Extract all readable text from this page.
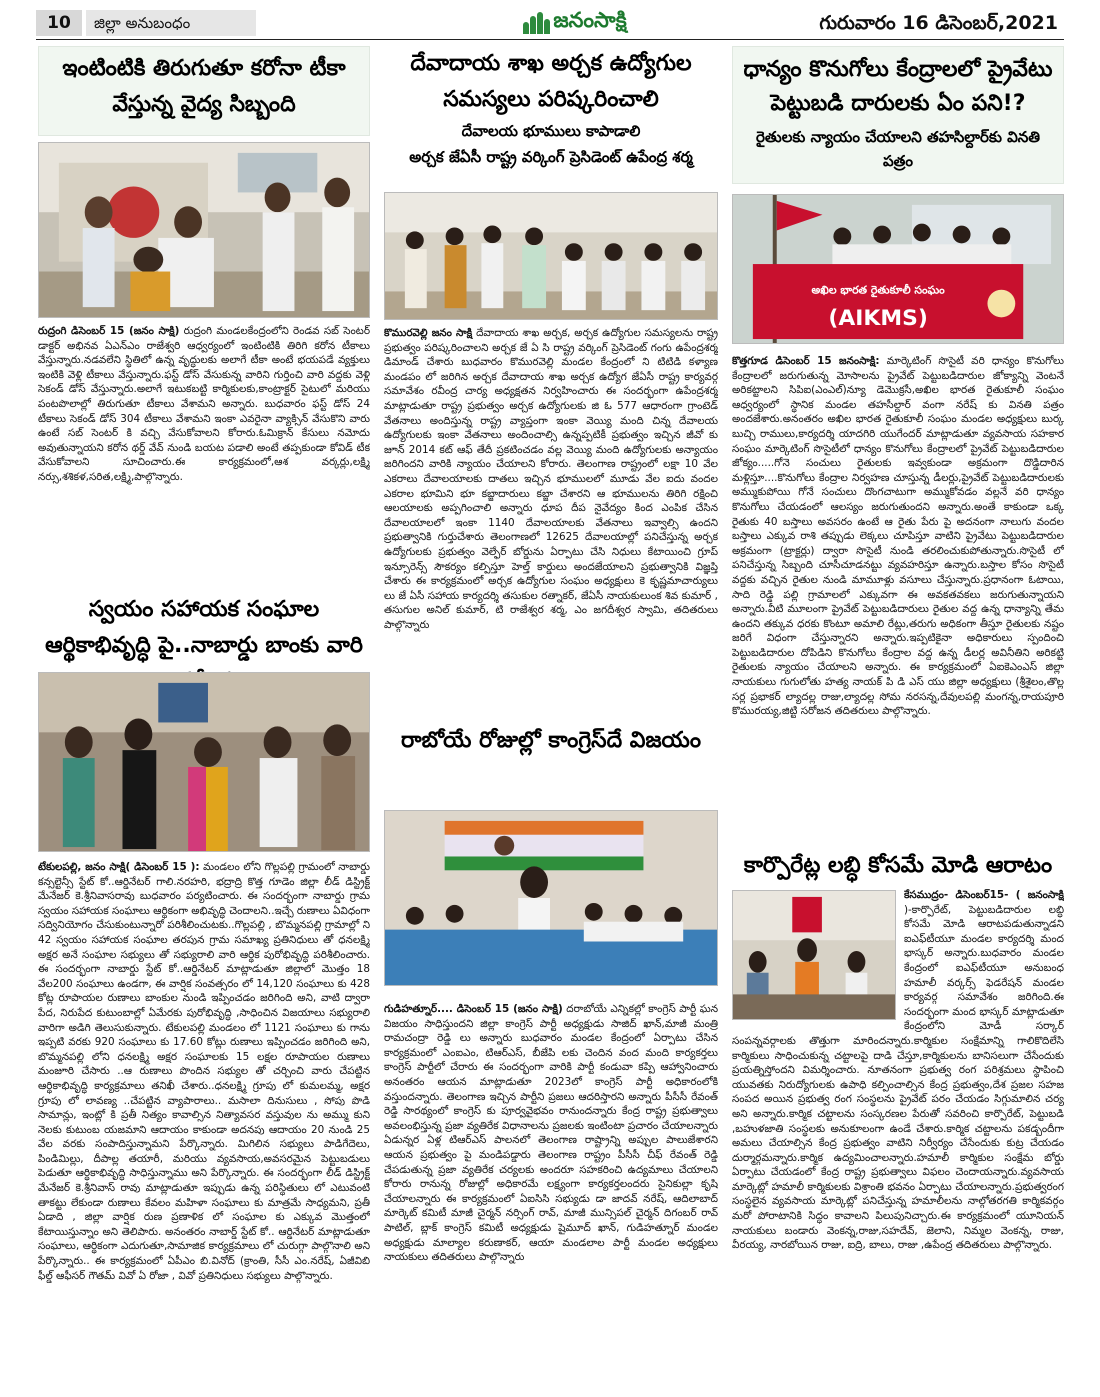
10	జిల్లా అనుబంధం	జనంసాక్షి	గురువారం 16 డిసెంబర్,2021
ఇంటింటికి తిరుగుతూ కరోనా టీకా వేస్తున్న వైద్య సిబ్బంది
రుద్రంగి డిసెంబర్ 15 (జనం సాక్షి) రుద్రంగి మండలకేంద్రంలోని రెండవ సబ్ సెంటర్ డాక్టర్ అభినవ ఏఎన్ఎం రాజేశ్వరి ఆధ్వర్యంలో ఇంటింటికి తిరిగి కరోన టీకాలు వేస్తున్నారు.నడవలేని స్థితిలో ఉన్న వృద్ధులకు అలాగే టీకా అంటే భయపడే వ్యక్తులు ఇంటికి వెళ్లి టీకాలు వేస్తున్నారు.ఫస్ట్ డోస్ వేసుకున్న వారిని గుర్తించి వారి వద్దకు వెళ్లి సెకండ్ డోస్ వేస్తున్నారు.అలాగే ఇటుకబట్టి కార్మికులకు,కాంట్రాక్టర్ సైటులో మరియు పంటపొలాల్లో తిరుగుతూ టీకాలు వేశామని అన్నారు. బుధవారం ఫస్ట్ డోస్ 24 టీకాలు సెకండ్ డోస్ 304 టీకాలు వేశామని ఇంకా ఎవరైనా వ్యాక్సిన్ వేసుకొని వారు ఉంటే సబ్ సెంటర్ కి వచ్చి వేసుకోవాలని కోరారు.ఓమిక్రాన్ కేసులు నమోదు అవుతున్నాయని కరోన థర్డ్ వేవ్ నుండి బయట పడాలి అంటే తప్పకుండా కోవిడ్ టీక వేసుకోవాలని సూచించారు.ఈ కార్యక్రమంలో,ఆశ వర్కర్లు,లక్ష్మి నర్సు,శశికళ,సరిత,లక్ష్మి,పాల్గొన్నారు.
స్వయం సహాయక సంఘాల ఆర్థికాభివృద్ధి పై..నాబార్డు బాంకు వారి
టేకులపల్లి, జనం సాక్షి( డిసెంబర్ 15 ): మండలం లోని గొల్లపల్లి గ్రామంలో నాబార్డు కన్సల్టెన్సీ స్టేట్ కో..ఆర్డినేటర్ గాలి.నరహరి, భద్రాద్రి కొత్త గూడెం జిల్లా లీడ్ డిస్ట్రిక్ట్ మేనేజర్ కె.శ్రీనివాసరావు బుధవారం పర్యటించారు. ఈ సందర్భంగా నాబార్డు గ్రామ స్వయం సహాయక సంఘాలు ఆర్థికంగా అభివృద్ధి చెందాలని..ఇచ్చే రుణాలు ఏవిధంగా సద్వినియోగం చేసుకుంటున్నారో పరిశీలించుటకు..గొల్లపల్లి , బొమ్మనపల్లి గ్రామాల్లో ని 42 స్వయం సహాయక సంఘాల తరపున గ్రామ సమాఖ్య ప్రతినిధులు తో ధనలక్ష్మి అక్షర అనే సంఘాల సభ్యులు తో సభ్యురాలి వారి ఆర్థిక పురోభివృద్ధి పరిశీలించారు. ఈ సందర్భంగా నాబార్డు స్టేట్ కో..ఆర్డినేటర్ మాట్లాడుతూ జిల్లాలో మొత్తం 18 వేల200 సంఘాలు ఉండగా, ఈ వార్షిక సంవత్సరం లో 14,120 సంఘాలు కు 428 కోట్ల రూపాయల రుణాలు బాంకుల నుండి ఇప్పించడం జరిగింది అని, వాటి ద్వారా పేద, నిరుపేద కుటుంబాల్లో ఏమేరకు పురోభివృద్ధి ,సాధించిన విజయాలు సభ్యురాలి వారిగా అడిగి తెలుసుకున్నారు. టేకులపల్లి మండలం లో 1121 సంఘాలు కు గాను ఇప్పటి వరకు 920 సంఘాలు కు 17.60 కోట్లు రుణాలు ఇప్పించడం జరిగింది అని, బొమ్మనపల్లి లోని ధనలక్ష్మి అక్షర సంఘాలకు 15 లక్షల రూపాయల రుణాలు మంజూరి చేసారు ..ఆ రుణాలు పొందిన సభ్యుల తో చర్చించి వారు చేపట్టిన ఆర్థికాభివృద్ధి కార్యక్రమాలు తనిఖీ చేశారు..ధనలక్ష్మి గ్రూపు లో కుమలమ్మ, అక్షర గ్రూపు లో లావణ్య ..చేపట్టిన వ్యాపారాలు.. మసాలా దినుసులు , సోపు పొడి సామాన్లు, ఇంట్లో కి ప్రతీ నిత్యం కావాల్సిన నిత్యావసర వస్తువుల ను అమ్ము కుని నెలకు కుటుంబ యజమాని ఆదాయం కాకుండా అదనపు ఆదాయం 20 నుండి 25 వేల వరకు సంపాదిస్తున్నామని పేర్కొన్నారు. మిగిలిన సభ్యులు పాడిగేదెలు, పిండిమిల్లు, దీపాల్ల తయారీ, మరియు వ్యవసాయ,అవసరమైన పెట్టుబడులు పెడుతూ ఆర్థికాభివృద్ధి సాధిస్తున్నాము అని పేర్కొన్నారు. ఈ సందర్భంగా లీడ్ డిస్ట్రిక్ట్ మేనేజర్ కె.శ్రీనివాస్ రావు మాట్లాడుతూ ఇప్పుడు ఉన్న పరిస్థితులు లో ఎటువంటి తాకట్టు లేకుండా రుణాలు కేవలం మహిళా సంఘాలు కు మాత్రమే సాధ్యమని, ప్రతీ ఏడాది , జిల్లా వార్షిక రుణ ప్రణాళిక లో సంఘాల కు ఎక్కువ మొత్తంలో కేటాయిస్తున్నాం అని తెలిపారు. అనంతరం నాబార్డ్ స్టేట్ కో.. ఆర్డినేటర్ మాట్లాడుతూ సంఘాలు, ఆర్థికంగా ఎదుగుతూ,సామాజిక కార్యక్రమాలు లో చురుగ్గా పాల్గొనాలి అని పేర్కొన్నారు.. ఈ కార్యక్రమంలో ఏపీఎం బి.వినోద్ (క్రాంతి, సీసీ ఎం.నరేష్, ఏజీవిబి ఫీల్డ్ ఆఫీసర్ గౌతమ్ వివో ఏ రోజా , వివో ప్రతినిధులు సభ్యులు పాల్గొన్నారు.
దేవాదాయ శాఖ అర్చక ఉద్యోగుల సమస్యలు పరిష్కరించాలి
దేవాలయ భూములు కాపాడాలి
అర్చక జేఏసీ రాష్ట్ర వర్కింగ్ ప్రెసిడెంట్ ఉపేంద్ర శర్మ
కొమురవెల్లి జనం సాక్షి దేవాదాయ శాఖ అర్చక, అర్చక ఉద్యోగుల సమస్యలను రాష్ట్ర ప్రభుత్వం పరిష్కరించాలని అర్చక జే ఏ సి రాష్ట్ర వర్కింగ్ ప్రెసిడెంట్ గంగు ఉపేంద్రశర్మ డిమాండ్ చేశారు బుధవారం కొమురవెల్లి మండల కేంద్రంలో ని టిటిడి కళ్యాణ మండపం లో జరిగిన అర్చక దేవాదాయ శాఖ అర్చక ఉద్యోగ జేఏసీ రాష్ట్ర కార్యవర్గ సమావేశం రవీంద్ర చార్య అధ్యక్షతన నిర్వహించారు ఈ సందర్భంగా ఉపేంద్రశర్మ మాట్లాడుతూ రాష్ట్ర ప్రభుత్వం అర్చక ఉద్యోగులకు జి ఓ 577 ఆధారంగా గ్రాంటెడ్ వేతనాలు అందిస్తున్న రాష్ట్ర వ్యాప్తంగా ఇంకా వెయ్యి మంది చిన్న దేవాలయ ఉద్యోగులకు ఇంకా వేతనాలు అందించాల్సి ఉన్నప్పటికీ ప్రభుత్వం ఇచ్చిన జీవో కు జూన్ 2014 కట్ ఆఫ్ తేదీ ప్రకటించడం వల్ల వెయ్యి మంది ఉద్యోగులకు అన్యాయం జరిగిందని వారికి న్యాయం చేయాలని కోరారు. తెలంగాణ రాష్ట్రంలో లక్షా 10 వేల ఎకరాలు దేవాలయాలకు దాతలు ఇచ్చిన భూములలో మూడు వేల ఐదు వందల ఎకరాల భూమిని భూ కబ్జాదారులు కబ్జా చేశారని ఆ భూములను తిరిగి రక్షించి ఆలయాలకు అప్పగించాలి అన్నారు ధూప దీప నైవేద్యం కింద ఎంపిక చేసిన దేవాలయాలలో ఇంకా 1140 దేవాలయాలకు వేతనాలు ఇవ్వాల్సి ఉందని ప్రభుత్వానికి గుర్తుచేశారు తెలంగాణలో 12625 దేవాలయాల్లో పనిచేస్తున్న అర్చక ఉద్యోగులకు ప్రభుత్వం వెల్ఫేర్ బోర్డును ఏర్పాటు చేసి నిధులు కేటాయించి గ్రూప్ ఇన్సూరెన్స్ సౌకర్యం కల్పిస్తూ హెల్త్ కార్డులు అందజేయాలని ప్రభుత్వానికి విజ్ఞప్తి చేశారు ఈ కార్యక్రమంలో అర్చక ఉద్యోగుల సంఘం అధ్యక్షులు కె కృష్ణమాచార్యులు లు జే ఏసీ సహాయ కార్యదర్శి తసుకుల రత్నాకర్, జేఏసీ నాయకులుంక శివ కుమార్ , తసుగుల అనిల్ కుమార్, టి రాజేశ్వర శర్మ, ఎం జగదీశ్వర స్వామి, తదితరులు పాల్గొన్నారు
రాబోయే రోజుల్లో కాంగ్రెస్‌దే విజయం
గుడిహత్నూర్.... డిసెంబర్ 15 (జనం సాక్షి) దరాబోయే ఎన్నికల్లో కాంగ్రెస్ పార్టీ ఘన విజయం సాధిస్తుందని జిల్లా కాంగ్రెస్ పార్టీ అధ్యక్షుడు సాజిద్ ఖాన్,మాజీ మంత్రి రామచంద్రా రెడ్డి లు అన్నారు బుధవారం మండల కేంద్రంలో ఏర్పాటు చేసిన కార్యక్రమంలో ఎంఐఎం, టిఆర్ఎస్, బీజేపి లకు చెందిన వంద మంది కార్యకర్తలు కాంగ్రెస్ పార్టీలో చేరారు ఈ సందర్భంగా వారికి పార్టీ కండువా కప్పి ఆహ్వానించారు అనంతరం ఆయన మాట్లాడుతూ 2023లో కాంగ్రెస్ పార్టీ అధికారంలోకి వస్తుందన్నారు. తెలంగాణ ఇచ్చిన పార్టీని ప్రజలు ఆదరిస్తారని అన్నారు పీసీసీ రేవంత్ రెడ్డి సారథ్యంలో కాంగ్రెస్ కు పూర్వవైభవం రానుందన్నారు కేంద్ర రాష్ట్ర ప్రభుత్వాలు అవలంభిస్తున్న ప్రజా వ్యతిరేక విధానాలను ప్రజలకు ఇంటింటా ప్రచారం చేయాలన్నారు ఏడున్నర ఏళ్ల టిఆర్ఎస్ పాలనలో తెలంగాణ రాష్ట్రాన్ని అప్పుల పాలుజేశారని ఆయన ప్రభుత్వం పై మండిపడ్డారు తెలంగాణ రాష్ట్రం పీసీసీ చీఫ్ రేవంత్ రెడ్డి చేపడుతున్న ప్రజా వ్యతిరేక చర్యలకు అందరూ సహకరించి ఉద్యమాలు చేయాలని కోరారు రానున్న రోజుల్లో అధికారమే లక్ష్యంగా కార్యకర్తలందరు సైనికుల్లా కృషి చేయాలన్నారు ఈ కార్యక్రమంలో ఏఐసిసి సభ్యుడు డా జాదవ్ నరేష్, ఆదిలాబాద్ మార్కెట్ కమిటీ మాజీ చైర్మన్ నర్సింగ్ రావ్, మాజీ మున్సిపల్ చైర్మన్ దిగంబర్ రావ్ పాటిల్, బ్లాక్ కాంగ్రెస్ కమిటీ అధ్యక్షుడు షైమూద్ ఖాన్, గుడిహత్నూర్ మండల అధ్యక్షుడు మాల్యాల కరుణాకర్, ఆయా మండలాల పార్టీ మండల అధ్యక్షులు నాయకులు తదితరులు పాల్గొన్నారు
ధాన్యం కొనుగోలు కేంద్రాలలో ప్రైవేటు పెట్టుబడి దారులకు ఏం పని!?
రైతులకు న్యాయం చేయాలని తహసిల్దార్‌కు వినతి పత్రం
అఖిల భారత రైతుకూలీ సంఘం
(AIKMS)
కొత్తగూడ డిసెంబర్ 15 జనంసాక్షి: మార్కెటింగ్ సొసైటీ వరి ధాన్యం కొనుగోలు కేంద్రాలలో జరుగుతున్న మోసాలను ప్రైవేట్ పెట్టుబడిదారుల జోక్యాన్ని వెంటనే అరికట్టాలని సిపిఐ(ఎంఎల్)న్యూ డెమొక్రసీ,అఖిల భారత రైతుకూలీ సంఘం ఆధ్వర్యంలో స్థానిక మండల తహసీల్దార్ వంగా నరేష్ కు వినతి పత్రం అందజేశారు.అనంతరం అఖిల భారత రైతుకూలీ సంఘం మండల అధ్యక్షులు బుర్క బుచ్చి రాములు,కార్యదర్శి యాదగిరి యుగేందర్ మాట్లాడుతూ వ్యవసాయ సహకార సంఘం మార్కెటింగ్ సొసైటీలో ధాన్యం కొనుగోలు కేంద్రాలలో ప్రైవేట్ పెట్టుబడిదారుల జోక్యం.....గోనె సంచులు రైతులకు ఇవ్వకుండా అక్రమంగా దొడ్డిదారిన మళ్లిస్తూ....కొనుగోలు కేంద్రాల నిర్వహణ చూస్తున్న డీలర్లు,ప్రైవేట్ పెట్టుబడిదారులకు అమ్ముకుపోయి గోనే సంచులు దొంగచాటుగా అమ్ముకోవడం వల్లనే వరి ధాన్యం కొనుగోలు చేయడంలో ఆలస్యం జరుగుతుందని అన్నారు.అంతే కాకుండా ఒక్క రైతుకు 40 బస్తాలు అవసరం ఉంటే ఆ రైతు పేరు పై అదనంగా నాలుగు వందల బస్తాలు ఎక్కువ రాశి తప్పుడు లెక్కలు చూపిస్తూ వాటిని ప్రైవేటు పెట్టుబడిదారుల అక్రమంగా (ట్రాక్టర్లు) ద్వారా సొసైటీ నుండి తరలించుకుపోతున్నారు.సొసైటీ లో పనిచేస్తున్న సిబ్బంది చూసీచూడనట్టు వ్యవహరిస్తూ ఉన్నారు.బస్తాల కోసం సొసైటీ వద్దకు వచ్చిన రైతుల నుండి మామూళ్లు వసూలు చేస్తున్నారు.ప్రధానంగా ఓటాయి, సాది రెడ్డి పల్లి గ్రామాలలో ఎక్కువగా ఈ అవకతవకలు జరుగుతున్నాయని అన్నారు.వీటి మూలంగా ప్రైవేట్ పెట్టుబడిదారులు రైతుల వద్ద ఉన్న ధాన్యాన్ని తేమ ఉందని తక్కువ ధరకు కొంటూ అమాలి రేట్లు,తరుగు అధికంగా తీస్తూ రైతులకు నష్టం జరిగే విధంగా చేస్తున్నారని అన్నారు.ఇప్పటికైనా అధికారులు స్పందించి పెట్టుబడిదారుల దోపిడిని కొనుగోలు కేంద్రాల వద్ద ఉన్న డీలర్ల అవినీతిని అరికట్టి రైతులకు న్యాయం చేయాలని అన్నారు. ఈ కార్యక్రమంలో ఏఐకెఎంఎస్ జిల్లా నాయకులు గుగులోతు హత్య నాయక్ పి డి ఎస్ యు జిల్లా అధ్యక్షులు (శ్రీశైలం,తొల్ల సర్ల ప్రభాకర్ ల్యాదల్ల రాజు,ల్యాదల్ల సోమ నరసన్న,దేవులపల్లి మంగన్న,రాయపూరి కొమురయ్య,జిట్టి సరోజన తదితరులు పాల్గొన్నారు.
కార్పొరేట్ల లబ్ధి కోసమే మోడి ఆరాటం
కేసముద్రం- డిసెంబర్15- ( జనంసాక్షి )-కార్పొరేట్, పెట్టుబడిదారుల లబ్ధి కోసమే మోడి ఆరాటపడుతున్నాడని ఐఎఫ్‌టీయూ మండల కార్యదర్శి మంద భాస్కర్ అన్నారు.బుధవారం మండల కేంద్రంలో ఐఎఫ్‌టీయూ అనుబంధ హమాలీ వర్కర్స్ ఫెడరేషన్ మండల కార్యవర్గ సమావేశం జరిగింది.ఈ సందర్భంగా మంద భాస్కర్ మాట్లాడుతూ కేంద్రంలోని మోడీ సర్కార్ సంపన్నవర్గాలకు తొత్తుగా మారిందన్నారు.కార్మికుల సంక్షేమాన్ని గాలికొదిలేసి కార్మికులు సాధించుకున్న చట్టాలపై దాడి చేస్తూ,కార్మికులను బానిసలుగా చేసేందుకు ప్రయత్నిస్తోందని విమర్శించారు. నూతనంగా ప్రభుత్వ రంగ పరిశ్రమలు స్థాపించి యువతకు నిరుద్యోగులకు ఉపాధి కల్పించాల్సిన కేంద్ర ప్రభుత్వం,దేశ ప్రజల సహజ సంపద అయిన ప్రభుత్వ రంగ సంస్థలను ప్రైవేట్ పరం చేయడం సిగ్గుమాలిన చర్య అని అన్నారు.కార్మిక చట్టాలను సంస్కరణల పేరుతో సవరించి కార్పొరేట్, పెట్టుబడి ,బహుళజాతి సంస్థలకు అనుకూలంగా ఉండే చేశారు.కార్మిక చట్టాలను పకడ్బందీగా అమలు చేయాల్సిన కేంద్ర ప్రభుత్వం వాటిని నిర్వీర్యం చేసేందుకు కుట్ర చేయడం దుర్మార్గమన్నారు.కార్మిక ఉద్యమించాలన్నారు.హమాలీ కార్మికుల సంక్షేమ బోర్డు ఏర్పాటు చేయడంలో కేంద్ర రాష్ట్ర ప్రభుత్వాలు విఫలం చెందాయన్నారు.వ్యవసాయ మార్కెట్లో హమాలీ కార్మికులకు విశ్రాంతి భవనం ఏర్పాటు చేయాలన్నారు.ప్రభుత్వరంగ సంస్థలైన వ్యవసాయ మార్కెట్లో పనిచేస్తున్న హమాలీలను నాల్గోతరగతి కార్మికవర్గం మరో పోరాటానికి సిద్ధం కావాలని పిలుపునిచ్చారు.ఈ కార్యక్రమంలో యూనియన్ నాయకులు బండారు వెంకన్న,రాజు,సహదేవ్, జెలాని, నిమ్మల వెంకన్న, రాజు, వీరయ్య, నారబోయిన రాజు, ఐద్రి, బాలు, రాజు ,ఉపేంద్ర తదితరులు పాల్గొన్నారు.
